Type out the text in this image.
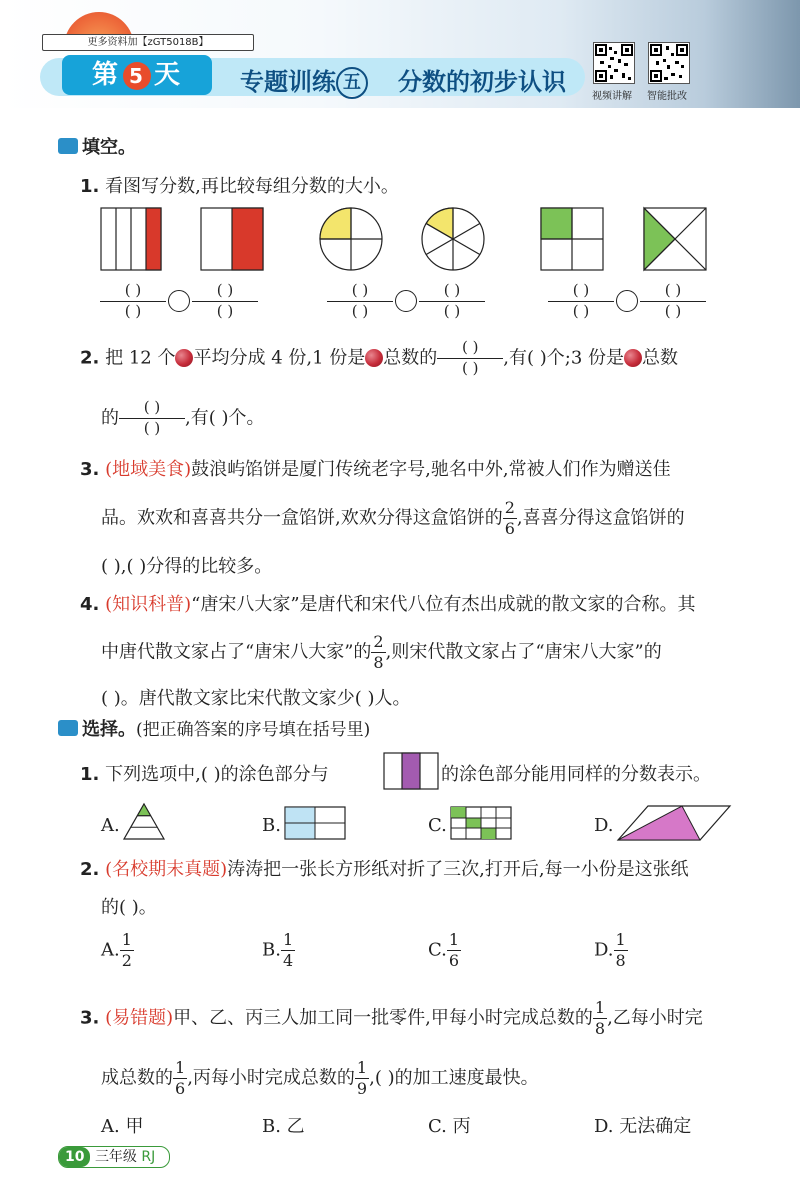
更多资料加【zGT5018B】
第 5 天	专题训练 五 分数的初步认识
视频讲解 智能批改
填空。
1. 看图写分数,再比较每组分数的大小。
( )
( )
( )
( )
( )
( )
( )
( )
( )
( )
( )
( )
2. 把 12 个 平均分成 4 份,1 份是 总数的
( )
( )	,有( )个;3 份是 总数
的
( )
( )	,有( )个。
3. (地域美食)鼓浪屿馅饼是厦门传统老字号,驰名中外,常被人们作为赠送佳
品。欢欢和喜喜共分一盒馅饼,欢欢分得这盒馅饼的 $\frac{2}{6}$ ,喜喜分得这盒馅饼的
( ),( )分得的比较多。
4. (知识科普)“唐宋八大家”是唐代和宋代八位有杰出成就的散文家的合称。其
中唐代散文家占了“唐宋八大家”的 $\frac{2}{8}$ ,则宋代散文家占了“唐宋八大家”的
( )。唐代散文家比宋代散文家少( )人。
选择。(把正确答案的序号填在括号里)
1. 下列选项中,( )的涂色部分与	的涂色部分能用同样的分数表示。
A.	B.	C.	D.
2. (名校期末真题)涛涛把一张长方形纸对折了三次,打开后,每一小份是这张纸
的( )。
A. $\frac{1}{2}$	B. $\frac{1}{4}$	C. $\frac{1}{6}$	D. $\frac{1}{8}$
3. (易错题)甲、乙、丙三人加工同一批零件,甲每小时完成总数的 $\frac{1}{8}$ ,乙每小时完
成总数的 $\frac{1}{6}$ ,丙每小时完成总数的 $\frac{1}{9}$ ,( )的加工速度最快。
A. 甲	B. 乙	C. 丙	D. 无法确定
10 三年级 RJ
